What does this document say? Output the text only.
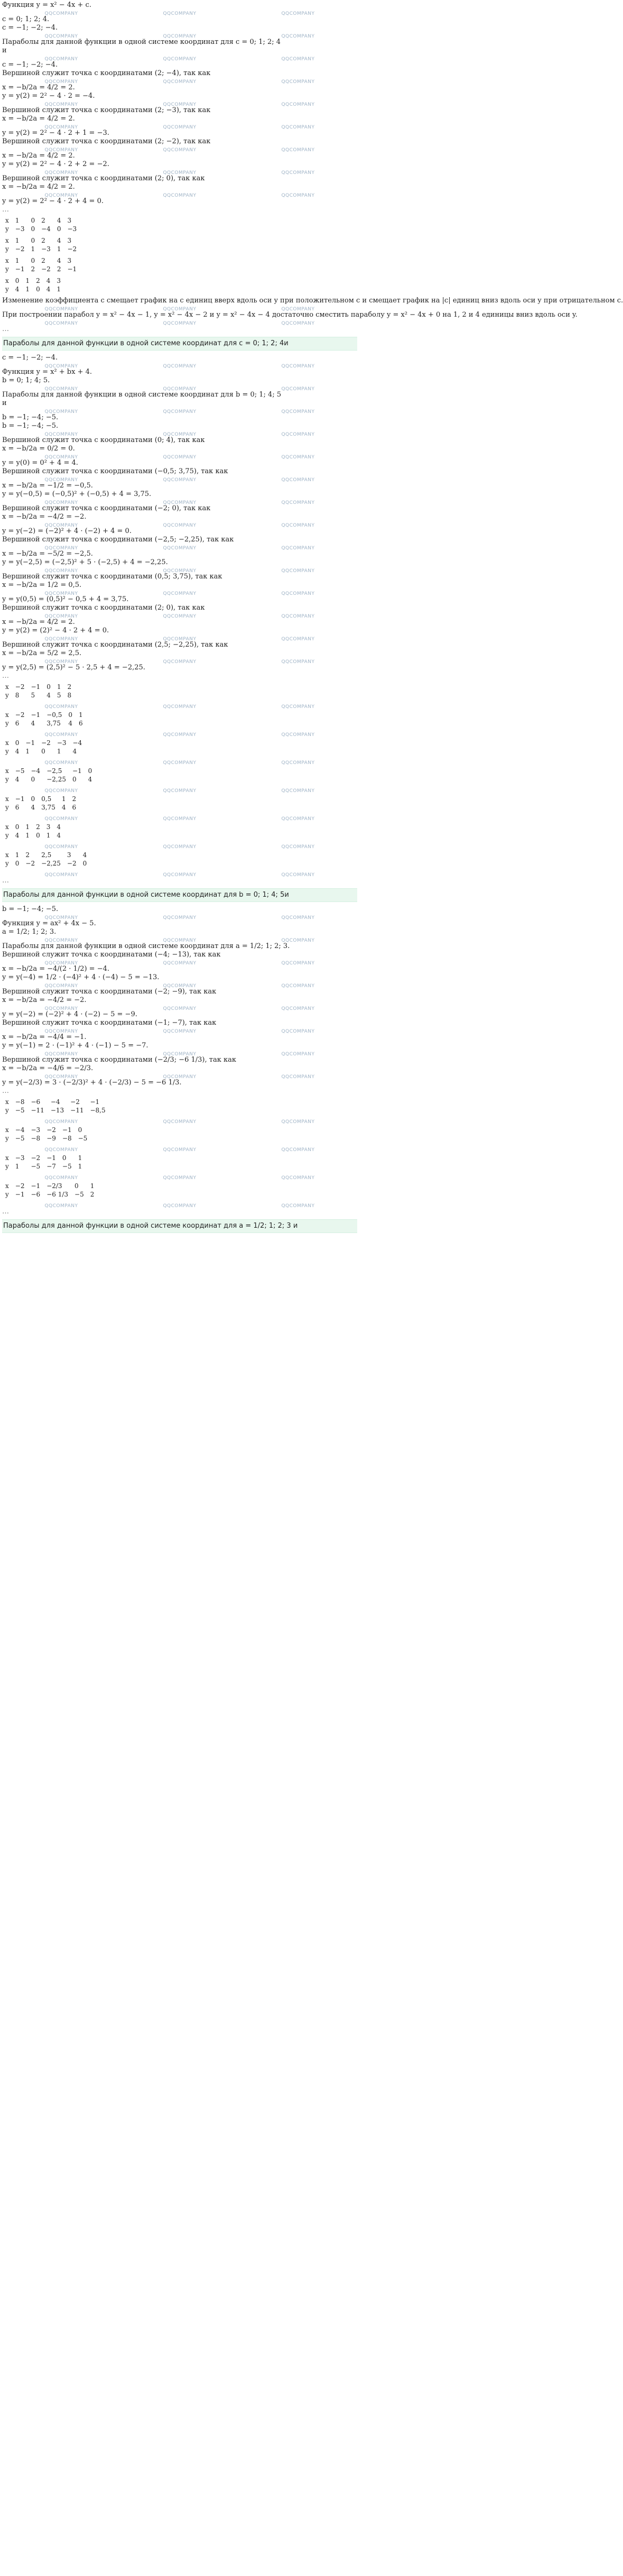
Функция y = x² − 4x + c.
QQCOMPANY	QQCOMPANY	QQCOMPANY
c = 0; 1; 2; 4.
c = −1; −2; −4.
QQCOMPANY	QQCOMPANY	QQCOMPANY
Параболы для данной функции в одной системе координат для c = 0; 1; 2; 4
и
QQCOMPANY	QQCOMPANY	QQCOMPANY
c = −1; −2; −4.
Вершиной служит точка с координатами (2; −4), так как
QQCOMPANY	QQCOMPANY	QQCOMPANY
x = −b/2a = 4/2 = 2.
y = y(2) = 2² − 4 · 2 = −4.
QQCOMPANY	QQCOMPANY	QQCOMPANY
Вершиной служит точка с координатами (2; −3), так как
x = −b/2a = 4/2 = 2.
QQCOMPANY	QQCOMPANY	QQCOMPANY
y = y(2) = 2² − 4 · 2 + 1 = −3.
Вершиной служит точка с координатами (2; −2), так как
QQCOMPANY	QQCOMPANY	QQCOMPANY
x = −b/2a = 4/2 = 2.
y = y(2) = 2² − 4 · 2 + 2 = −2.
QQCOMPANY	QQCOMPANY	QQCOMPANY
Вершиной служит точка с координатами (2; 0), так как
x = −b/2a = 4/2 = 2.
QQCOMPANY	QQCOMPANY	QQCOMPANY
y = y(2) = 2² − 4 · 2 + 4 = 0.
…
x	1	0	2	4	3
y	−3	0	−4	0	−3
x	1	0	2	4	3
y	−2	1	−3	1	−2
x	1	0	2	4	3
y	−1	2	−2	2	−1
x	0	1	2	4	3
y	4	1	0	4	1
Изменение коэффициента c смещает график на c единиц вверх вдоль оси y при положительном c и смещает график на |c| единиц вниз вдоль оси y при отрицательном c.
QQCOMPANY	QQCOMPANY	QQCOMPANY
При построении парабол y = x² − 4x − 1, y = x² − 4x − 2 и y = x² − 4x − 4 достаточно сместить параболу y = x² − 4x + 0 на 1, 2 и 4 единицы вниз вдоль оси y.
QQCOMPANY	QQCOMPANY	QQCOMPANY
…
Параболы для данной функции в одной системе координат для c = 0; 1; 2; 4и
c = −1; −2; −4.
QQCOMPANY	QQCOMPANY	QQCOMPANY
Функция y = x² + bx + 4.
b = 0; 1; 4; 5.
QQCOMPANY	QQCOMPANY	QQCOMPANY
Параболы для данной функции в одной системе координат для b = 0; 1; 4; 5
и
QQCOMPANY	QQCOMPANY	QQCOMPANY
b = −1; −4; −5.
b = −1; −4; −5.
QQCOMPANY	QQCOMPANY	QQCOMPANY
Вершиной служит точка с координатами (0; 4), так как
x = −b/2a = 0/2 = 0.
QQCOMPANY	QQCOMPANY	QQCOMPANY
y = y(0) = 0² + 4 = 4.
Вершиной служит точка с координатами (−0,5; 3,75), так как
QQCOMPANY	QQCOMPANY	QQCOMPANY
x = −b/2a = −1/2 = −0,5.
y = y(−0,5) = (−0,5)² + (−0,5) + 4 = 3,75.
QQCOMPANY	QQCOMPANY	QQCOMPANY
Вершиной служит точка с координатами (−2; 0), так как
x = −b/2a = −4/2 = −2.
QQCOMPANY	QQCOMPANY	QQCOMPANY
y = y(−2) = (−2)² + 4 · (−2) + 4 = 0.
Вершиной служит точка с координатами (−2,5; −2,25), так как
QQCOMPANY	QQCOMPANY	QQCOMPANY
x = −b/2a = −5/2 = −2,5.
y = y(−2,5) = (−2,5)² + 5 · (−2,5) + 4 = −2,25.
QQCOMPANY	QQCOMPANY	QQCOMPANY
Вершиной служит точка с координатами (0,5; 3,75), так как
x = −b/2a = 1/2 = 0,5.
QQCOMPANY	QQCOMPANY	QQCOMPANY
y = y(0,5) = (0,5)² − 0,5 + 4 = 3,75.
Вершиной служит точка с координатами (2; 0), так как
QQCOMPANY	QQCOMPANY	QQCOMPANY
x = −b/2a = 4/2 = 2.
y = y(2) = (2)² − 4 · 2 + 4 = 0.
QQCOMPANY	QQCOMPANY	QQCOMPANY
Вершиной служит точка с координатами (2,5; −2,25), так как
x = −b/2a = 5/2 = 2,5.
QQCOMPANY	QQCOMPANY	QQCOMPANY
y = y(2,5) = (2,5)² − 5 · 2,5 + 4 = −2,25.
…
x	−2	−1	0	1	2
y	8	5	4	5	8
QQCOMPANY	QQCOMPANY	QQCOMPANY
x	−2	−1	−0,5	0	1
y	6	4	3,75	4	6
QQCOMPANY	QQCOMPANY	QQCOMPANY
x	0	−1	−2	−3	−4
y	4	1	0	1	4
QQCOMPANY	QQCOMPANY	QQCOMPANY
x	−5	−4	−2,5	−1	0
y	4	0	−2,25	0	4
QQCOMPANY	QQCOMPANY	QQCOMPANY
x	−1	0	0,5	1	2
y	6	4	3,75	4	6
QQCOMPANY	QQCOMPANY	QQCOMPANY
x	0	1	2	3	4
y	4	1	0	1	4
QQCOMPANY	QQCOMPANY	QQCOMPANY
x	1	2	2,5	3	4
y	0	−2	−2,25	−2	0
QQCOMPANY	QQCOMPANY	QQCOMPANY
…
Параболы для данной функции в одной системе координат для b = 0; 1; 4; 5и
b = −1; −4; −5.
QQCOMPANY	QQCOMPANY	QQCOMPANY
Функция y = ax² + 4x − 5.
a = 1/2; 1; 2; 3.
QQCOMPANY	QQCOMPANY	QQCOMPANY
Параболы для данной функции в одной системе координат для a = 1/2; 1; 2; 3.
Вершиной служит точка с координатами (−4; −13), так как
QQCOMPANY	QQCOMPANY	QQCOMPANY
x = −b/2a = −4/(2 · 1/2) = −4.
y = y(−4) = 1/2 · (−4)² + 4 · (−4) − 5 = −13.
QQCOMPANY	QQCOMPANY	QQCOMPANY
Вершиной служит точка с координатами (−2; −9), так как
x = −b/2a = −4/2 = −2.
QQCOMPANY	QQCOMPANY	QQCOMPANY
y = y(−2) = (−2)² + 4 · (−2) − 5 = −9.
Вершиной служит точка с координатами (−1; −7), так как
QQCOMPANY	QQCOMPANY	QQCOMPANY
x = −b/2a = −4/4 = −1.
y = y(−1) = 2 · (−1)² + 4 · (−1) − 5 = −7.
QQCOMPANY	QQCOMPANY	QQCOMPANY
Вершиной служит точка с координатами (−2/3; −6 1/3), так как
x = −b/2a = −4/6 = −2/3.
QQCOMPANY	QQCOMPANY	QQCOMPANY
y = y(−2/3) = 3 · (−2/3)² + 4 · (−2/3) − 5 = −6 1/3.
…
x	−8	−6	−4	−2	−1
y	−5	−11	−13	−11	−8,5
QQCOMPANY	QQCOMPANY	QQCOMPANY
x	−4	−3	−2	−1	0
y	−5	−8	−9	−8	−5
QQCOMPANY	QQCOMPANY	QQCOMPANY
x	−3	−2	−1	0	1
y	1	−5	−7	−5	1
QQCOMPANY	QQCOMPANY	QQCOMPANY
x	−2	−1	−2/3	0	1
y	−1	−6	−6 1/3	−5	2
QQCOMPANY	QQCOMPANY	QQCOMPANY
…
Параболы для данной функции в одной системе координат для a = 1/2; 1; 2; 3 и
